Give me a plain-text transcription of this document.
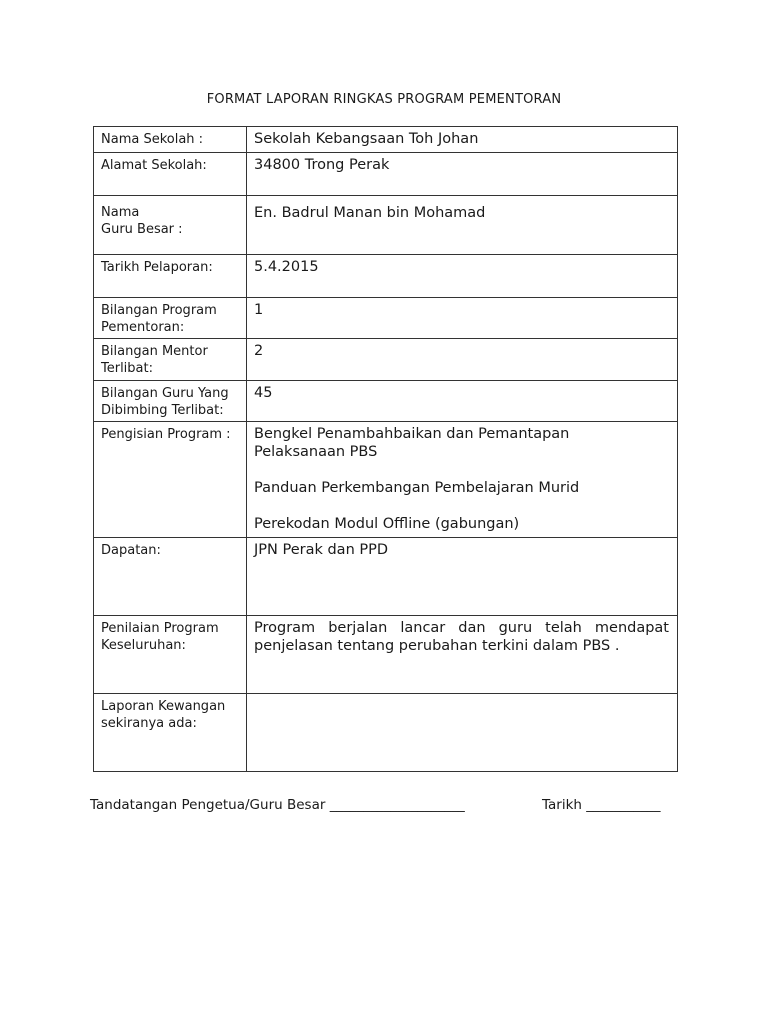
FORMAT LAPORAN RINGKAS PROGRAM PEMENTORAN
Nama Sekolah :	Sekolah Kebangsaan Toh Johan

Alamat Sekolah:	34800 Trong Perak

Nama
Guru Besar :	En. Badrul Manan bin Mohamad

Tarikh Pelaporan:	5.4.2015

Bilangan Program
Pementoran:	1

Bilangan Mentor
Terlibat:	2

Bilangan Guru Yang
Dibimbing Terlibat:	45

Pengisian Program :	Bengkel Penambahbaikan dan Pemantapan
Pelaksanaan PBS
Panduan Perkembangan Pembelajaran Murid
Perekodan Modul Offline (gabungan)

Dapatan:	JPN Perak dan PPD

Penilaian Program
Keseluruhan:	Program berjalan lancar dan guru telah mendapat penjelasan tentang perubahan terkini dalam PBS .

Laporan Kewangan
sekiranya ada:	

Tandatangan Pengetua/Guru Besar ____________________	Tarikh ___________
